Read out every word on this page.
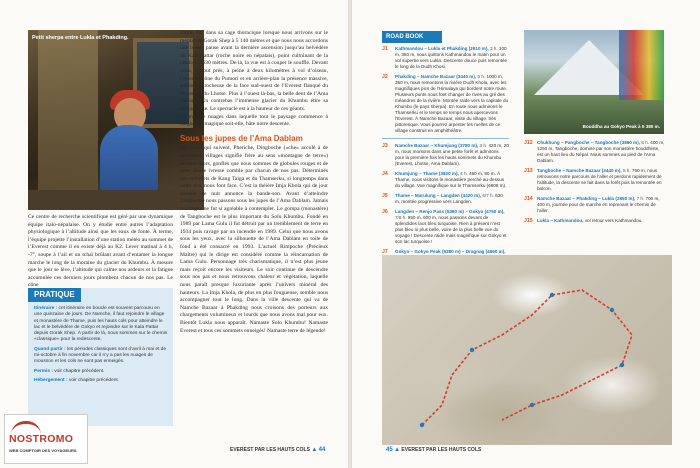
Petit sherpa entre Lukla et Phakding.
Ce centre de recherche scientifique est géré par une dynamique équipe italo-népalaise. On y étudie entre autres l’adaptation physiologique à l’altitude ainsi que les eaux de fonte. À terme, l’équipe projette l’installation d’une station météo au sommet de l’Everest comme il en existe déjà au K2. Lever matinal à 4 h, -7°, soupe à l’ail et un tchaï brûlant avant d’entamer la longue marche le long de la moraine du glacier du Khumbu. À mesure que le jour se lève, l’altitude qui calme nos ardeurs et la fatigue accumulée ces derniers jours plombent chacun de nos pas. Le cône
PRATIQUE

Itinéraire : cet itinéraire en boucle est souvent parcouru en une quinzaine de jours. De Namche, il faut rejoindre le village et monastère de Thame, puis les hauts cols pour atteindre le lac et le belvédère de Gokyo et rejoindre sur le Kala Pattar depuis Gorak Shep. À partir de là, nous sommes sur le chemin «classique» pour la redescente.

Quand partir : les périodes classiques sont d’avril à mai et de mi-octobre à fin novembre car il n’y a pas les nuages de mousson et les cols ne sont pas enneigés.

Permis : voir chapitre précédent.

Hébergement : voir chapitre précédent.

cogne fort dans sa cage thoracique lorsque nous arrivons sur le méplat de Gorak Shep à 5 140 mètres et que nous nous accordons une bonne pause avant la dernière ascension jusqu’au belvédère du Kala Pattar (roche noire en népalais), point culminant de la rando à 5 630 mètres. De là, la vue est à couper le souffle. Devant nous, là tout près, à peine à deux kilomètres à vol d’oiseau, l’énorme cône du Pumori et en arrière-plan la présence massive, sombre et rocheuse de la face sud-ouest de l’Everest flanqué du Nuptse et du Lhotse. Plus à l’ouest là-bas, la belle dent de l’Ama Dablam. En contrebas l’immense glacier du Khumbu étire sa langue grise. Le spectacle est à la hauteur de ces géants.

La mer de nuages dans laquelle tout le paysage commence à baigner, si magique soit-elle, hâte notre descente.

Sous les jupes de l’Ama Dablam

Les jours qui suivent, Pheriche, Dingboche («che» accolé à de nombreux villages signifie frère au sens «montagne de terre») défilent alors, gonflés que nous sommes de globules rouges et de cette douce ivresse comble par chacun de nos pas. Déterminés nos sommets de Kang Taiga et du Thamserku, si longtemps dans notre dos, nous font face. C’est la théière Imja Khola qui de jour comme de nuit annonce la bande-son. Avant d’atteindre Tangboche nous passons sous les jupes de l’Ama Dablam. Jamais montagne ne fut si agréable à contempler. Le gompa (monastère) de Tangboche est le plus important du Solu Khumbu. Fondé en 1989 par Lama Gulu il fut détruit par un tremblement de terre en 1934 puis ravagé par un incendie en 1989. Celui que nous avons sous les yeux, avec la silhouette de l’Ama Dablam en toile de fond a été consacré en 1993. L’actuel Rimpoche (Précieux Maître) qui le dirige est considéré comme la réincarnation de Lama Gulu. Personnage très charismatique, il n’est plus jeune mais reçoit encore les visiteurs. Le soir continue de descendre sous nos pas et nous retrouvons chaleur et végétation, laquelle nous paraît presque luxuriante après l’univers minéral des hauteurs. La Imja Khola, de plus en plus fougueuse, semble nous accompagner tout le long. Dans la ville descente qui va de Namche Bazaar à Phakding nous croisons des porteurs aux chargements volumineux et lourds que nous avons mal pour eux. Bientôt Lukla nous apparaît. Namaste Solo Khumbu! Namaste Everest et tous ces sommets enneigés! Namaste terre de légende!

EVEREST PAR LES HAUTS COLS ▲ 44
ROAD BOOK
J1 Kathmandou – Lukla et Phakding (2610 m), 3 h. 100 m, 350 m, nous quittons Kathmandou le matin pour un vol superbe vers Lukla. Descente douce puis remontée le long de la Dudh Khosi.
J2 Phakding – Namche Bazaar (3440 m), 6 h. 1000 m, 350 m, nous remontons la rivière Dudh Khola, avec les magnifiques pics de l’Himalaya qui bordent notre route. Plusieurs ponts nous font changer de rives au gré des méandres de la rivière. Montée raide vers la capitale du Khumbu (le pays sherpa). En route nous admirons le Thamserku et le temps se temps nous apercevons l’Everest. À Namche Bazaar, visite du village, très pittoresque. Vous pourrez arpenter les ruelles de ce village construit en amphithéâtre.
J3 Namche Bazaar – Khumjung (3780 m), 3 h. 420 m, 20 m, nous montons dans une petite forêt et admirons pour la première fois les hauts sommets du Khumbu (Everest, Lhotse, Ama Dablam).
J4 Khumjung – Thame (3820 m), 4 h. 460 m, 80 m. À Thame, nous visitons le monastère perché au-dessus du village. Vue magnifique sur le Thamserku (6608 m).
J5 Thame – Marulung – Langden (4420 m), 6/7 h. 630 m, montée progressive vers Langden.
J6 Langden – Renjo Pass (5360 m) – Gokyo (4750 m), 7/8 h. 950 m, 600 m, nous passons devant de splendides lacs bleu turquoise. Rien à présent n’est plus bleu ni plus belle, voire de la plus belle vue du voyage ! Descente raide mais magnifique sur Gokyo et son lac turquoise !
J7 Gokyo – Gokyo Peak (5280 m) – Dragnag (4690 m),
Bouddha au Gokyo Peak à 5 380 m.
J12 Chukhung – Pangboche – Tangboche (3860 m), 6 h. 400 m, 1250 m, Tangboche, dominé par son monastère bouddhiste, est un haut lieu du Népal. Nous sommes au pied de l’Ama Dablam.
J13 Tangboche – Namche Bazaar (3440 m), 5 h. 750 m, nous retrouvons notre parcours de l’aller et perdons rapidement de l’altitude, la descente se fait dans la forêt puis la remontée en balcon.
J14 Namche Bazaar – Phakding – Lukla (2850 m), 7 h. 700 m, 400 m, journée pour de marche en reprenant le chemin de l’aller.
J15 Lukla – Kathmandou, vol retour vers Kathmandou.
45 ▲ EVEREST PAR LES HAUTS COLS
NOSTROMO
WEB COMPTOIR DES VOYAGEURS
